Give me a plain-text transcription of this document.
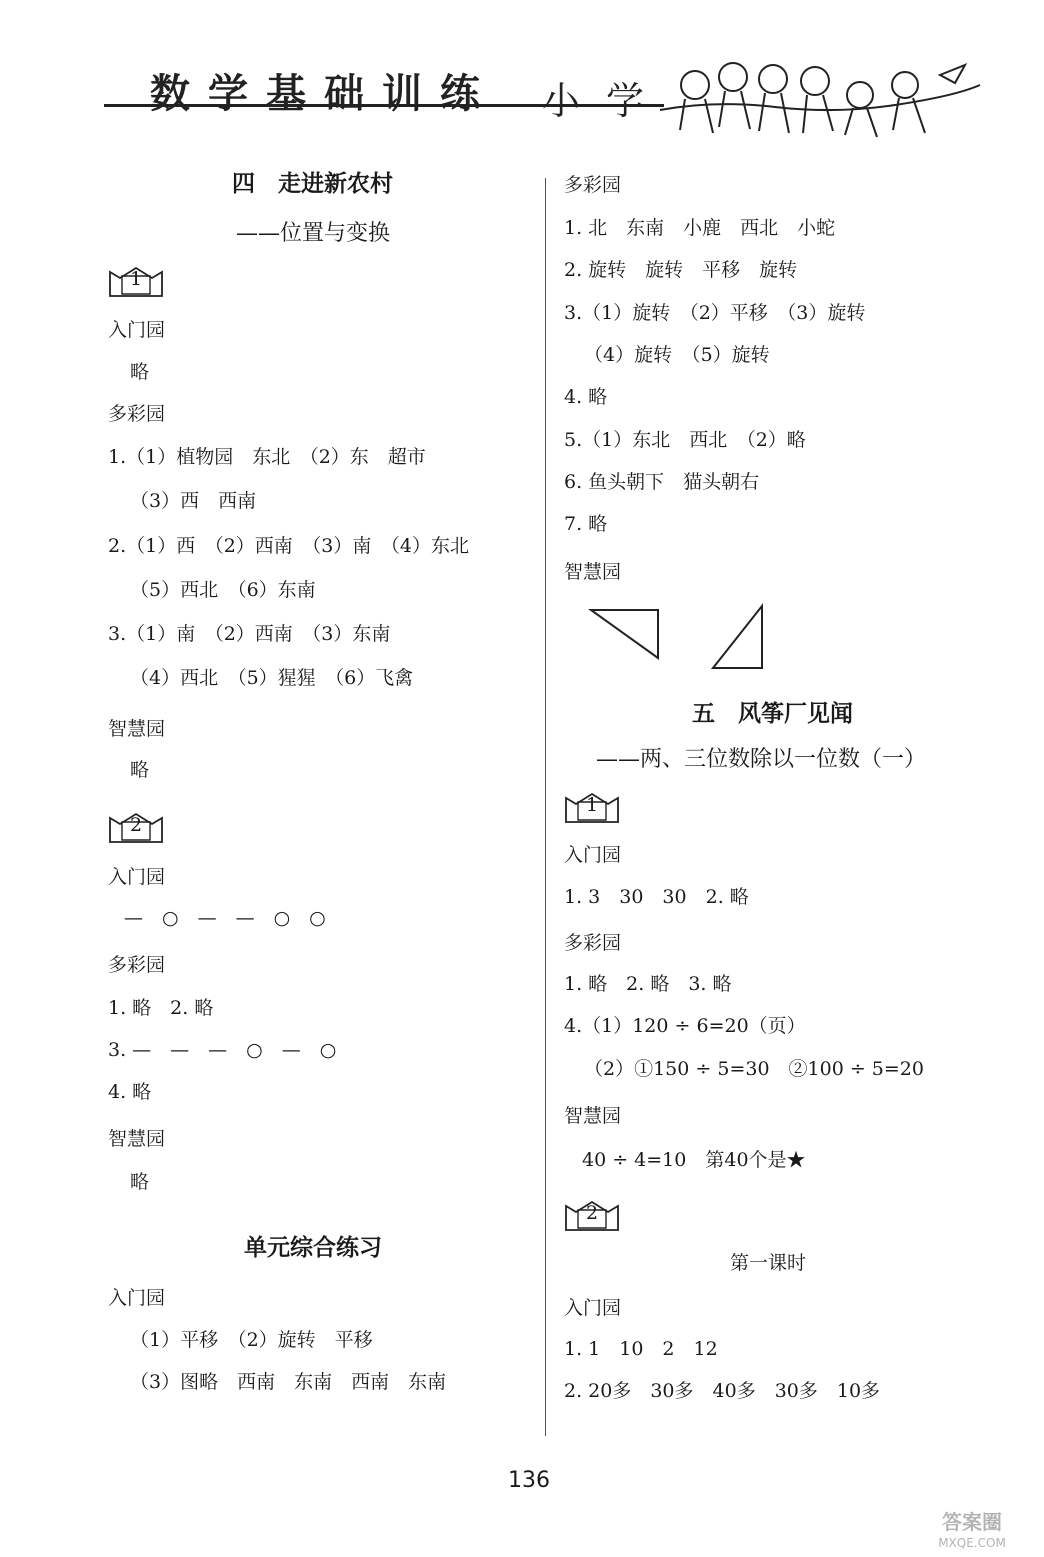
数学基础训练 小学
四　走进新农村
——位置与变换
1
入门园
略
多彩园
1.（1）植物园　东北　（2）东　超市
（3）西　西南
2.（1）西　（2）西南　（3）南　（4）东北
（5）西北　（6）东南
3.（1）南　（2）西南　（3）东南
（4）西北　（5）猩猩　（6）飞禽
智慧园
略
2
入门园
—　○　—　—　○　○
多彩园
1. 略　2. 略
3. —　—　—　○　—　○
4. 略
智慧园
略
单元综合练习
入门园
（1）平移　（2）旋转　平移
（3）图略　西南　东南　西南　东南
多彩园
1. 北　东南　小鹿　西北　小蛇
2. 旋转　旋转　平移　旋转
3.（1）旋转　（2）平移　（3）旋转
（4）旋转　（5）旋转
4. 略
5.（1）东北　西北　（2）略
6. 鱼头朝下　猫头朝右
7. 略
智慧园
五　风筝厂见闻
——两、三位数除以一位数（一）
1
入门园
1. 3　30　30　2. 略
多彩园
1. 略　2. 略　3. 略
4.（1）120 ÷ 6=20（页）
（2）①150 ÷ 5=30　②100 ÷ 5=20
智慧园
40 ÷ 4=10　第40个是★
2
第一课时
入门园
1. 1　10　2　12
2. 20多　30多　40多　30多　10多
136
答案圈
MXQE.COM
